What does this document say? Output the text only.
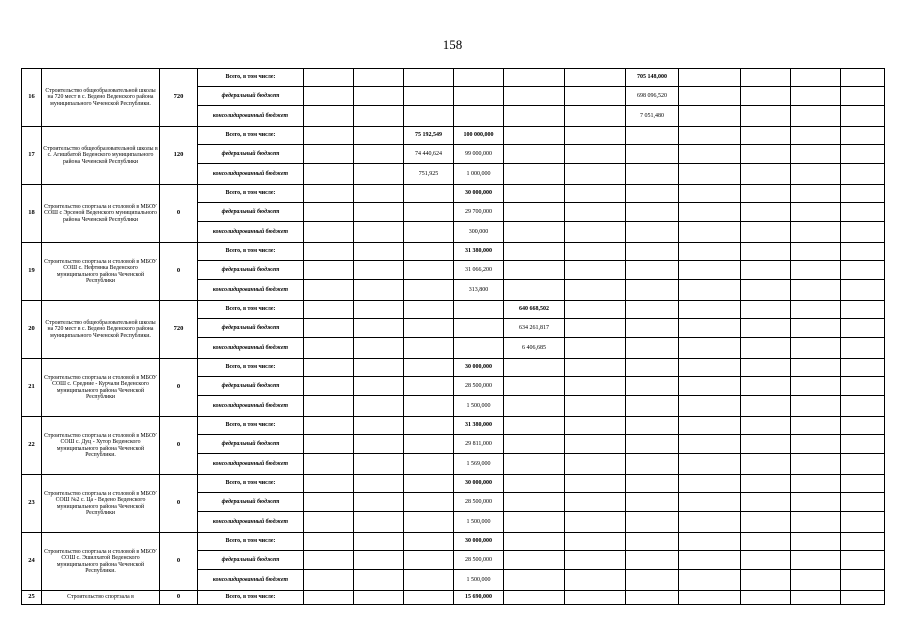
158
16	Строительство общеобразовательной школы на 720 мест в с. Ведено Веденского района муниципального Чеченской Республики.	720	Всего, в том числе:							705 148,000				
			федеральный бюджет							698 096,520				
			консолидированный бюджет							7 051,480				
17	Строительство общеобразовательной школы в с. Агишбатой Веденского муниципального района Чеченской Республики	120	Всего, в том числе:			75 192,549	100 000,000							
			федеральный бюджет			74 440,624	99 000,000							
			консолидированный бюджет			751,925	1 000,000							
18	Строительство спортзала и столовой в МБОУ СОШ с Эрсеной Веденского муниципального района Чеченской Республики	0	Всего, в том числе:				30 000,000							
			федеральный бюджет				29 700,000							
			консолидированный бюджет				300,000							
19	Строительство спортзала и столовой в МБОУ СОШ с. Нефтянка Веденского муниципального района Чеченской Республики	0	Всего, в том числе:				31 380,000							
			федеральный бюджет				31 066,200							
			консолидированный бюджет				313,800							
20	Строительство общеобразовательной школы на 720 мест в с. Ведено Веденского района муниципального Чеченской Республики.	720	Всего, в том числе:					640 668,502						
			федеральный бюджет					634 261,817						
			консолидированный бюджет					6 406,685						
21	Строительство спортзала и столовой в МБОУ СОШ с. Средние - Курчали Веденского муниципального района Чеченской Республики	0	Всего, в том числе:				30 000,000							
			федеральный бюджет				28 500,000							
			консолидированный бюджет				1 500,000							
22	Строительство спортзала и столовой в МБОУ СОШ с. Дуц - Хутор Веденского муниципального района Чеченской Республики.	0	Всего, в том числе:				31 380,000							
			федеральный бюджет				29 811,000							
			консолидированный бюджет				1 569,000							
23	Строительство спортзала и столовой в МБОУ СОШ №2 с. Ца - Ведено Веденского муниципального района Чеченской Республики	0	Всего, в том числе:				30 000,000							
			федеральный бюджет				28 500,000							
			консолидированный бюджет				1 500,000							
24	Строительство спортзала и столовой в МБОУ СОШ с. Эшилхатой Веденского муниципального района Чеченской Республики.	0	Всего, в том числе:				30 000,000							
			федеральный бюджет				28 500,000							
			консолидированный бюджет				1 500,000							
25	Строительство спортзала в	0	Всего, в том числе:				15 690,000							
